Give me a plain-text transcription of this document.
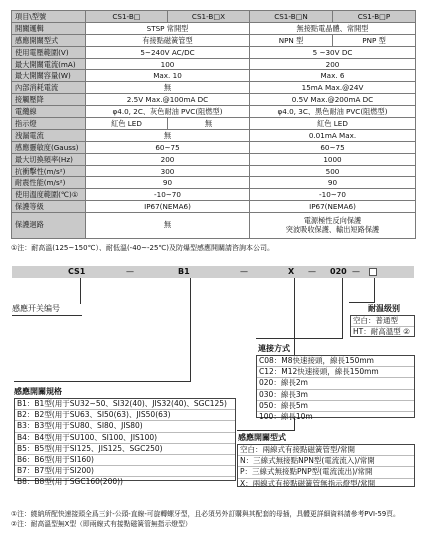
項目\型號	CS1-B□	CS1-B□X	CS1-B□N	CS1-B□P
開關邏輯	STSP 常開型		無接點電晶體、常開型	
感應開關型式	有接點磁簧管型		NPN 型	PNP 型
使用電壓範圍(V)	5~240V AC/DC		5 ~30V DC	
最大開關電流(mA)	100		200	
最大開關容量(W)	Max. 10		Max. 6	
內部消耗電流	無		15mA Max.@24V	
接觸壓降	2.5V Max.@100mA DC		0.5V Max.@200mA DC	
電纜線	φ4.0, 2C、灰色耐油 PVC(阻燃型)		φ4.0, 3C、黑色耐油 PVC(阻燃型)	
指示燈	紅色 LED	無	紅色 LED	
洩漏電流	無		0.01mA Max.	
感應靈敏度(Gauss)	60~75		60~75	
最大切換頻率(Hz)	200		1000	
抗衝擊性(m/s²)	300		500	
耐震性能(m/s²)	90		90	
使用溫度範圍(℃)①	-10~70		-10~70	
保護等級	IP67(NEMA6)		IP67(NEMA6)	
保護迴路	無		電源極性反向保護
突波吸收保護、輸出短路保護	
①注：耐高溫(125~150℃）、耐低溫(-40~-25℃)及防爆型感應開關請咨詢本公司。
CS1	—	B1	—	X — 020 —
感應开关编号	耐温级别
空白：普通型
HT：耐高溫型 ②
連接方式
C08：M8快速接頭，線長150mm
C12：M12快速接頭，線長150mm
020：線長2m
030：線長3m
050：線長5m
100：線長10m
感應開關規格
B1：B1型(用于SU32~50、SI32(40)、JIS32(40)、SGC125)
B2：B2型(用于SU63、SI50(63)、JIS50(63)
B3：B3型(用于SU80、SI80、JIS80)
B4：B4型(用于SU100、SI100、JIS100)
B5：B5型(用于SI125、JIS125、SGC250)
B6：B6型(用于SI160)
B7：B7型(用于SI200)
B8：B8型(用于SGC160(200))
感應開關型式
空白：兩線式有接點磁簧管型/常開
N：三線式無接點NPN型(電流流入)/常開
P：三線式無接點PNP型(電流流出)/常開
X：兩線式有接點磁簧管無指示燈型/常開
①注：繞納所配快速接頭全爲三針-公頭-直線-可旋轉螺牙型，且必須另外訂購與其配套的母插，具體更詳細資料請參考PVI-59頁。
②注：耐高溫型無X型（即兩線式有接點磁簧管無指示燈型）
